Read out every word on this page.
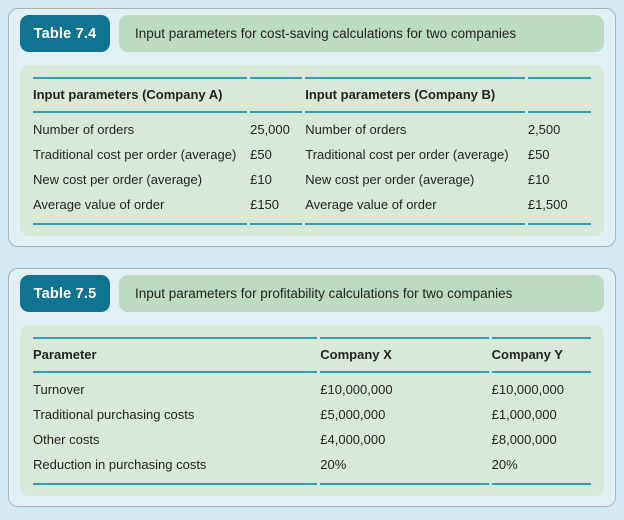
Table 7.4	Input parameters for cost-saving calculations for two companies
Input parameters (Company A)		Input parameters (Company B)	
Number of orders	25,000	Number of orders	2,500
Traditional cost per order (average)	£50	Traditional cost per order (average)	£50
New cost per order (average)	£10	New cost per order (average)	£10
Average value of order	£150	Average value of order	£1,500
Table 7.5	Input parameters for profitability calculations for two companies
Parameter	Company X	Company Y
Turnover	£10,000,000	£10,000,000
Traditional purchasing costs	£5,000,000	£1,000,000
Other costs	£4,000,000	£8,000,000
Reduction in purchasing costs	20%	20%
